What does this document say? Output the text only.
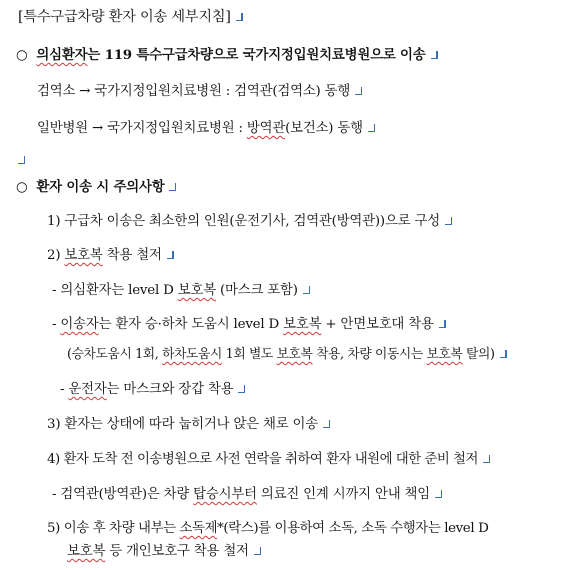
[특수구급차량 환자 이송 세부지침]
○ 의심환자는 119 특수구급차량으로 국가지정입원치료병원으로 이송
검역소 → 국가지정입원치료병원 : 검역관(검역소) 동행
일반병원 → 국가지정입원치료병원 : 방역관(보건소) 동행
○ 환자 이송 시 주의사항
1) 구급차 이송은 최소한의 인원(운전기사, 검역관(방역관))으로 구성
2) 보호복 착용 철저
- 의심환자는 level D 보호복 (마스크 포함)
- 이송자는 환자 승·하차 도움시 level D 보호복 + 안면보호대 착용
(승차도움시 1회, 하차도움시 1회 별도 보호복 착용, 차량 이동시는 보호복 탈의)
- 운전자는 마스크와 장갑 착용
3) 환자는 상태에 따라 눕히거나 앉은 채로 이송
4) 환자 도착 전 이송병원으로 사전 연락을 취하여 환자 내원에 대한 준비 철저
- 검역관(방역관)은 차량 탑승시부터 의료진 인계 시까지 안내 책임
5) 이송 후 차량 내부는 소독제*(락스)를 이용하여 소독, 소독 수행자는 level D
보호복 등 개인보호구 착용 철저
